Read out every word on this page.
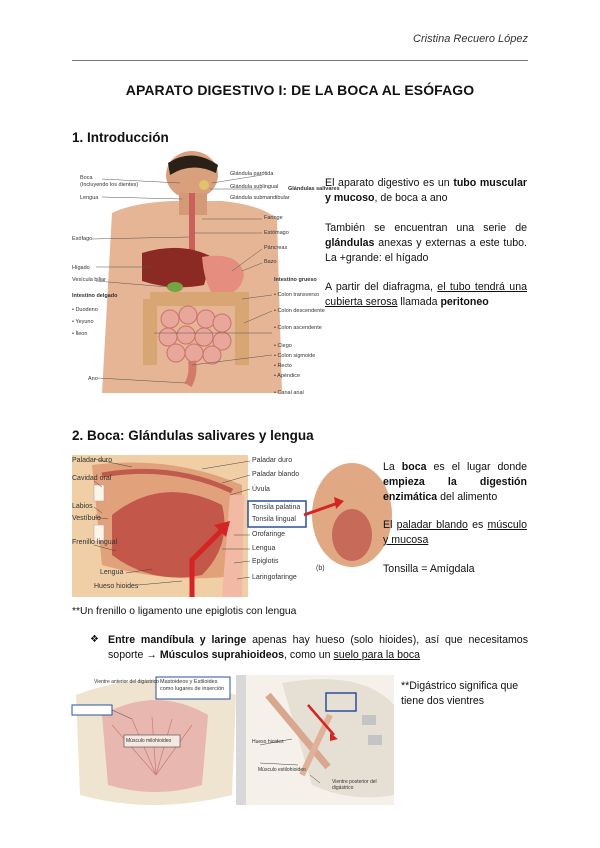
Cristina Recuero López
APARATO DIGESTIVO I: DE LA BOCA AL ESÓFAGO
1. Introducción
Boca
(Incluyendo los dientes)
Lengua
Esófago
Hígado
Vesícula biliar
Intestino delgado
• Duodeno
• Yeyuno
• Íleon
Ano
Glándula parótida
Glándula sublingual
Glándula submandibular
Glándulas salivares
Faringe
Estómago
Páncreas
Bazo
Intestino grueso
• Colon transverso
• Colon descendente
• Colon ascendente
• Ciego
• Colon sigmoide
• Recto
• Apéndice
• Canal anal
El aparato digestivo es un tubo muscular y mucoso, de boca a ano
También se encuentran una serie de glándulas anexas y externas a este tubo. La +grande: el hígado
A partir del diafragma, el tubo tendrá una cubierta serosa llamada peritoneo
2. Boca: Glándulas salivares y lengua
Paladar duro
Cavidad oral
Labios
Vestíbulo
Frenillo lingual
Lengua
Hueso hioides
Paladar duro
Paladar blando
Úvula
Tonsila palatina
Tonsila lingual
Orofaringe
Lengua
Epiglotis
Laringofaringe
(b)
La boca es el lugar donde empieza la digestión enzimática del alimento
El paladar blando es músculo y mucosa
Tonsilla = Amígdala
**Un frenillo o ligamento une epiglotis con lengua
❖ Entre mandíbula y laringe apenas hay hueso (solo hioides), así que necesitamos soporte → Músculos suprahioideos, como un suelo para la boca
Vientre anterior del digástrico Mastoideos y Estiloides como lugares de inserción
Músculo milohioideo	Hueso hioides
Vientre posterior del digástrico
Músculo estilohioideo
**Digástrico significa que tiene dos vientres
